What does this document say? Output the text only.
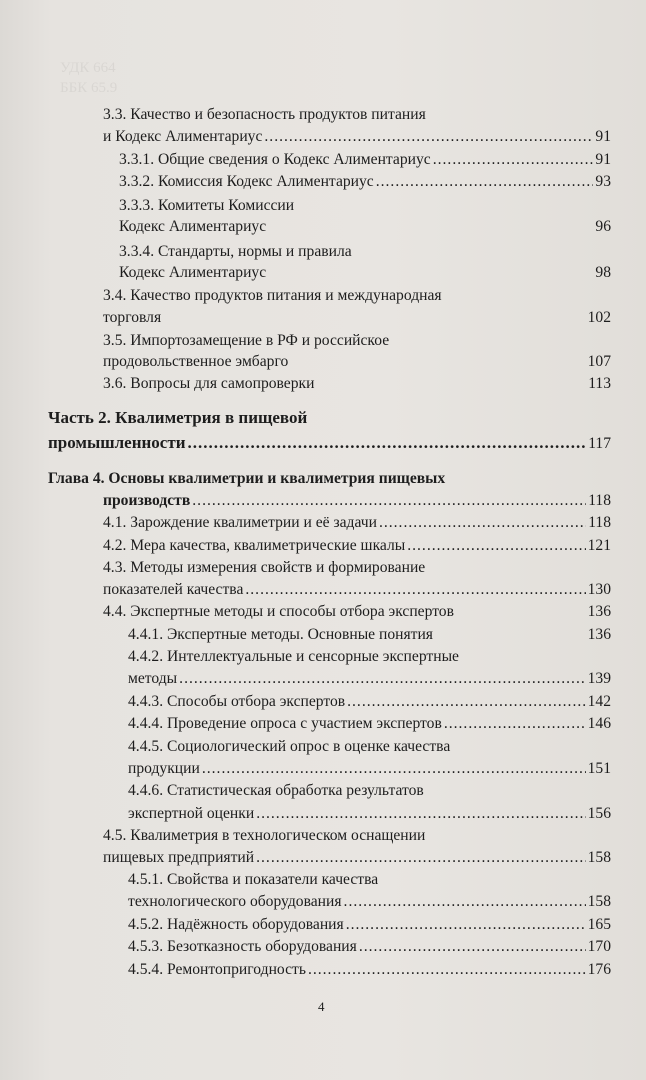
УДК 664
ББК 65.9
3.3. Качество и безопасность продуктов питания
и Кодекс Алиментариус .....	91
3.3.1. Общие сведения о Кодекс Алиментариус .....	91
3.3.2. Комиссия Кодекс Алиментариус .....	93
3.3.3. Комитеты Комиссии
Кодекс Алиментариус	96
3.3.4. Стандарты, нормы и правила
Кодекс Алиментариус	98
3.4. Качество продуктов питания и международная
торговля	102
3.5. Импортозамещение в РФ и российское
продовольственное эмбарго	107
3.6. Вопросы для самопроверки	113
Часть 2. Квалиметрия в пищевой
промышленности .....	117
Глава 4. Основы квалиметрии и квалиметрия пищевых
производств .....	118
4.1. Зарождение квалиметрии и её задачи .....	118
4.2. Мера качества, квалиметрические шкалы .....	121
4.3. Методы измерения свойств и формирование
показателей качества .....	130
4.4. Экспертные методы и способы отбора экспертов	136
4.4.1. Экспертные методы. Основные понятия	136
4.4.2. Интеллектуальные и сенсорные экспертные
методы .....	139
4.4.3. Способы отбора экспертов .....	142
4.4.4. Проведение опроса с участием экспертов .....	146
4.4.5. Социологический опрос в оценке качества
продукции .....	151
4.4.6. Статистическая обработка результатов
экспертной оценки .....	156
4.5. Квалиметрия в технологическом оснащении
пищевых предприятий .....	158
4.5.1. Свойства и показатели качества
технологического оборудования .....	158
4.5.2. Надёжность оборудования .....	165
4.5.3. Безотказность оборудования .....	170
4.5.4. Ремонтопригодность .....	176
4
